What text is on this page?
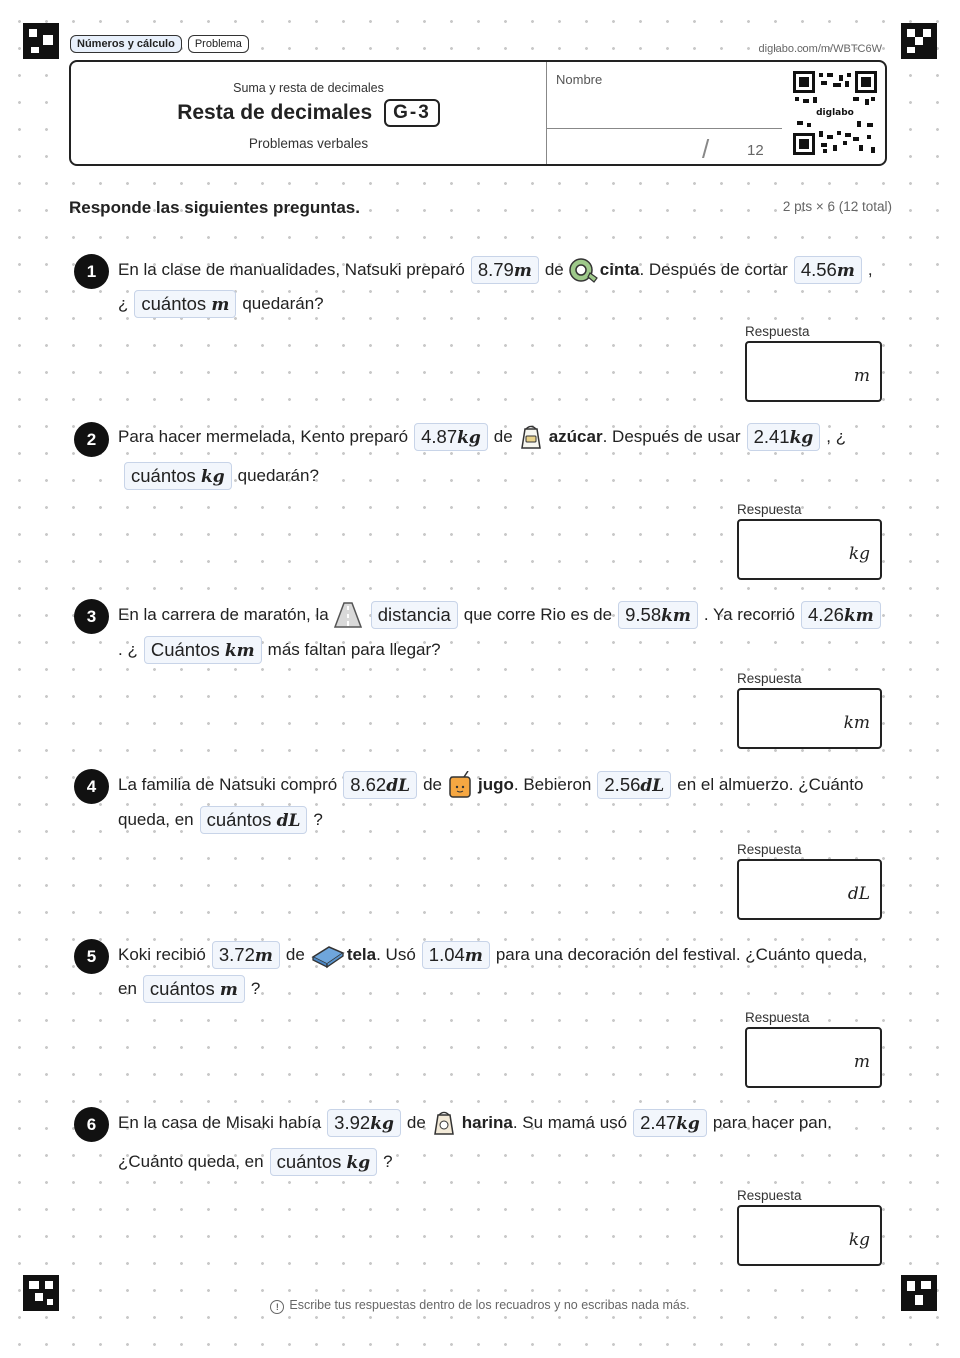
Números y cálculo	Problema	diglabo.com/m/WBTC6W
Suma y resta de decimales
Resta de decimales	G-3
Problemas verbales
Nombre
/	12
diglabo
Responde las siguientes preguntas.	2 pts × 6 (12 total)
1	En la clase de manualidades, Natsuki preparó 8.79m de cinta . Después de cortar 4.56m ,
¿ cuántos m quedarán?
Respuesta
m
2	Para hacer mermelada, Kento preparó 4.87kg de azúcar . Después de usar 2.41kg , ¿
cuántos kg quedarán?
Respuesta
kg
3	En la carrera de maratón, la	distancia que corre Rio es de 9.58km . Ya recorrió 4.26km
. ¿ Cuántos km más faltan para llegar?
Respuesta
km
4	La familia de Natsuki compró 8.62dL de jugo . Bebieron 2.56dL en el almuerzo. ¿Cuánto
queda, en cuántos dL ?
Respuesta
dL
5	Koki recibió 3.72m de tela . Usó 1.04m para una decoración del festival. ¿Cuánto queda,
en cuántos m ?
Respuesta
m
6	En la casa de Misaki había 3.92kg de harina . Su mamá usó 2.47kg para hacer pan.
¿Cuánto queda, en cuántos kg ?
Respuesta
kg
! Escribe tus respuestas dentro de los recuadros y no escribas nada más.
